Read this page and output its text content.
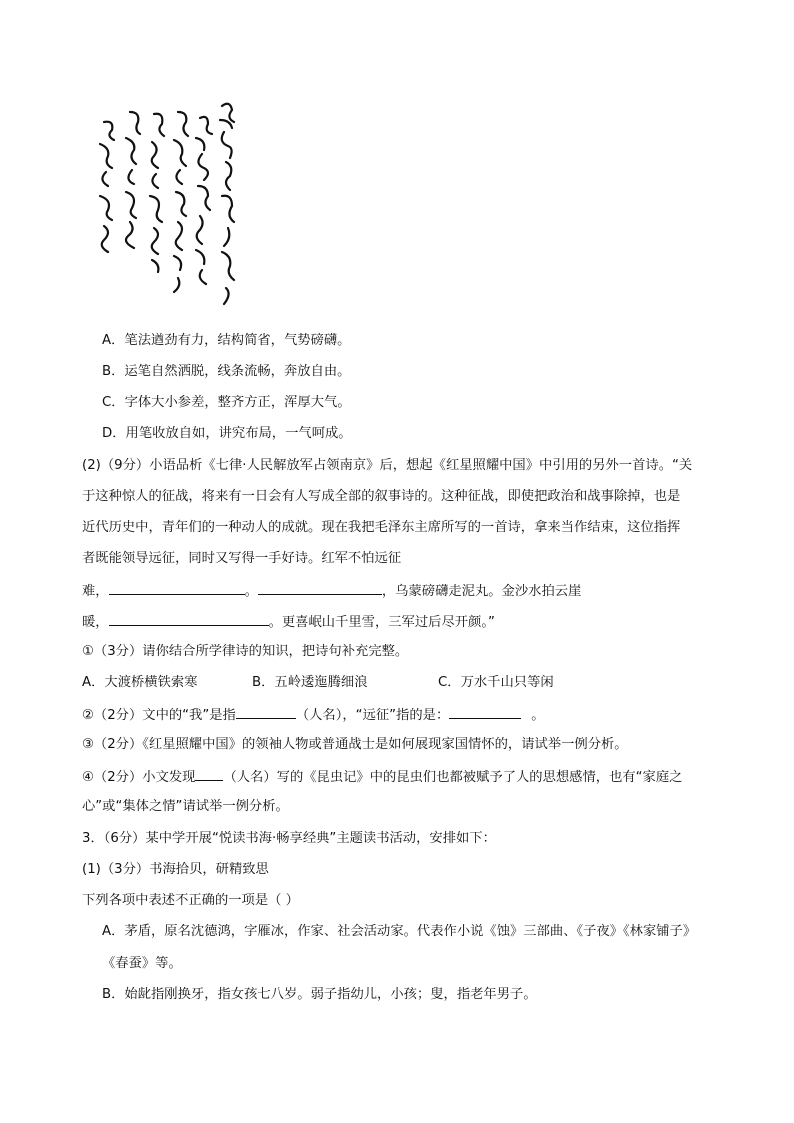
A．笔法遒劲有力，结构简省，气势磅礴。
B．运笔自然洒脱，线条流畅，奔放自由。
C．字体大小参差，整齐方正，浑厚大气。
D．用笔收放自如，讲究布局，一气呵成。
(2)（9分）小语品析《七律·人民解放军占领南京》后，想起《红星照耀中国》中引用的另外一首诗。“关
于这种惊人的征战，将来有一日会有人写成全部的叙事诗的。这种征战，即使把政治和战事除掉，也是
近代历史中，青年们的一种动人的成就。现在我把毛泽东主席所写的一首诗，拿来当作结束，这位指挥
者既能领导远征，同时又写得一手好诗。红军不怕远征
难，	。	，乌蒙磅礴走泥丸。金沙水拍云崖
暖，	。更喜岷山千里雪，三军过后尽开颜。”
①（3分）请你结合所学律诗的知识，把诗句补充完整。
A．大渡桥横铁索寒	B．五岭逶迤腾细浪	C．万水千山只等闲
②（2分）文中的“我”是指	（人名），“远征”指的是：	。
③（2分）《红星照耀中国》的领袖人物或普通战士是如何展现家国情怀的，请试举一例分析。
④（2分）小文发现 （人名）写的《昆虫记》中的昆虫们也都被赋予了人的思想感情，也有“家庭之
心”或“集体之情”请试举一例分析。
3．（6分）某中学开展“悦读书海·畅享经典”主题读书活动，安排如下：
(1)（3分）书海拾贝，研精致思
下列各项中表述不正确的一项是（ ）
A．茅盾，原名沈德鸿，字雁冰，作家、社会活动家。代表作小说《蚀》三部曲、《子夜》《林家铺子》
《春蚕》等。
B．始龀指刚换牙，指女孩七八岁。弱子指幼儿，小孩；叟，指老年男子。
